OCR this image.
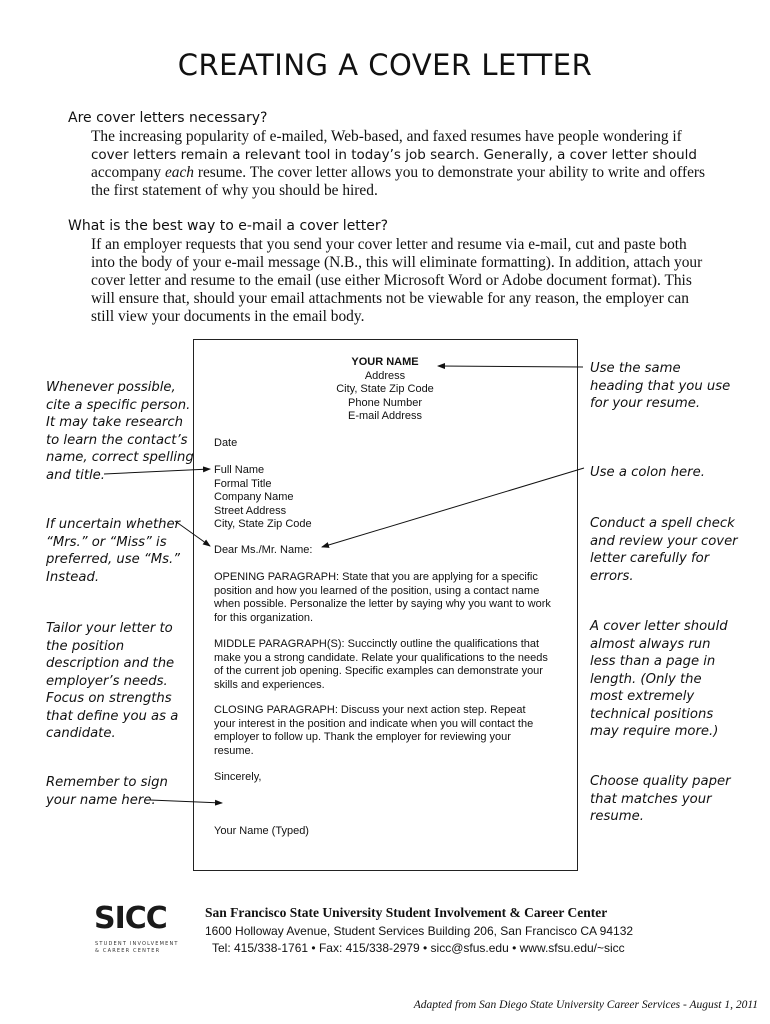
CREATING A COVER LETTER
Are cover letters necessary?
The increasing popularity of e-mailed, Web-based, and faxed resumes have people wondering if
cover letters remain a relevant tool in today’s job search. Generally, a cover letter should
accompany each resume. The cover letter allows you to demonstrate your ability to write and offers
the first statement of why you should be hired.
What is the best way to e-mail a cover letter?
If an employer requests that you send your cover letter and resume via e-mail, cut and paste both
into the body of your e-mail message (N.B., this will eliminate formatting). In addition, attach your
cover letter and resume to the email (use either Microsoft Word or Adobe document format). This
will ensure that, should your email attachments not be viewable for any reason, the employer can
still view your documents in the email body.
YOUR NAME
Address
City, State Zip Code
Phone Number
E-mail Address
Date
Full Name
Formal Title
Company Name
Street Address
City, State Zip Code
Dear Ms./Mr. Name:
OPENING PARAGRAPH: State that you are applying for a specific
position and how you learned of the position, using a contact name
when possible. Personalize the letter by saying why you want to work
for this organization.
MIDDLE PARAGRAPH(S): Succinctly outline the qualifications that
make you a strong candidate. Relate your qualifications to the needs
of the current job opening. Specific examples can demonstrate your
skills and experiences.
CLOSING PARAGRAPH: Discuss your next action step. Repeat
your interest in the position and indicate when you will contact the
employer to follow up. Thank the employer for reviewing your
resume.
Sincerely,
Your Name (Typed)
Whenever possible,
cite a specific person.
It may take research
to learn the contact’s
name, correct spelling
and title.
If uncertain whether
“Mrs.” or “Miss” is
preferred, use “Ms.”
Instead.
Tailor your letter to
the position
description and the
employer’s needs.
Focus on strengths
that define you as a
candidate.
Remember to sign
your name here.
Use the same
heading that you use
for your resume.
Use a colon here.
Conduct a spell check
and review your cover
letter carefully for
errors.
A cover letter should
almost always run
less than a page in
length. (Only the
most extremely
technical positions
may require more.)
Choose quality paper
that matches your
resume.
SICC
STUDENT INVOLVEMENT
& CAREER CENTER
San Francisco State University Student Involvement & Career Center
1600 Holloway Avenue, Student Services Building 206, San Francisco CA 94132
Tel: 415/338-1761 • Fax: 415/338-2979 • sicc@sfus.edu • www.sfsu.edu/~sicc
Adapted from San Diego State University Career Services - August 1, 2011
